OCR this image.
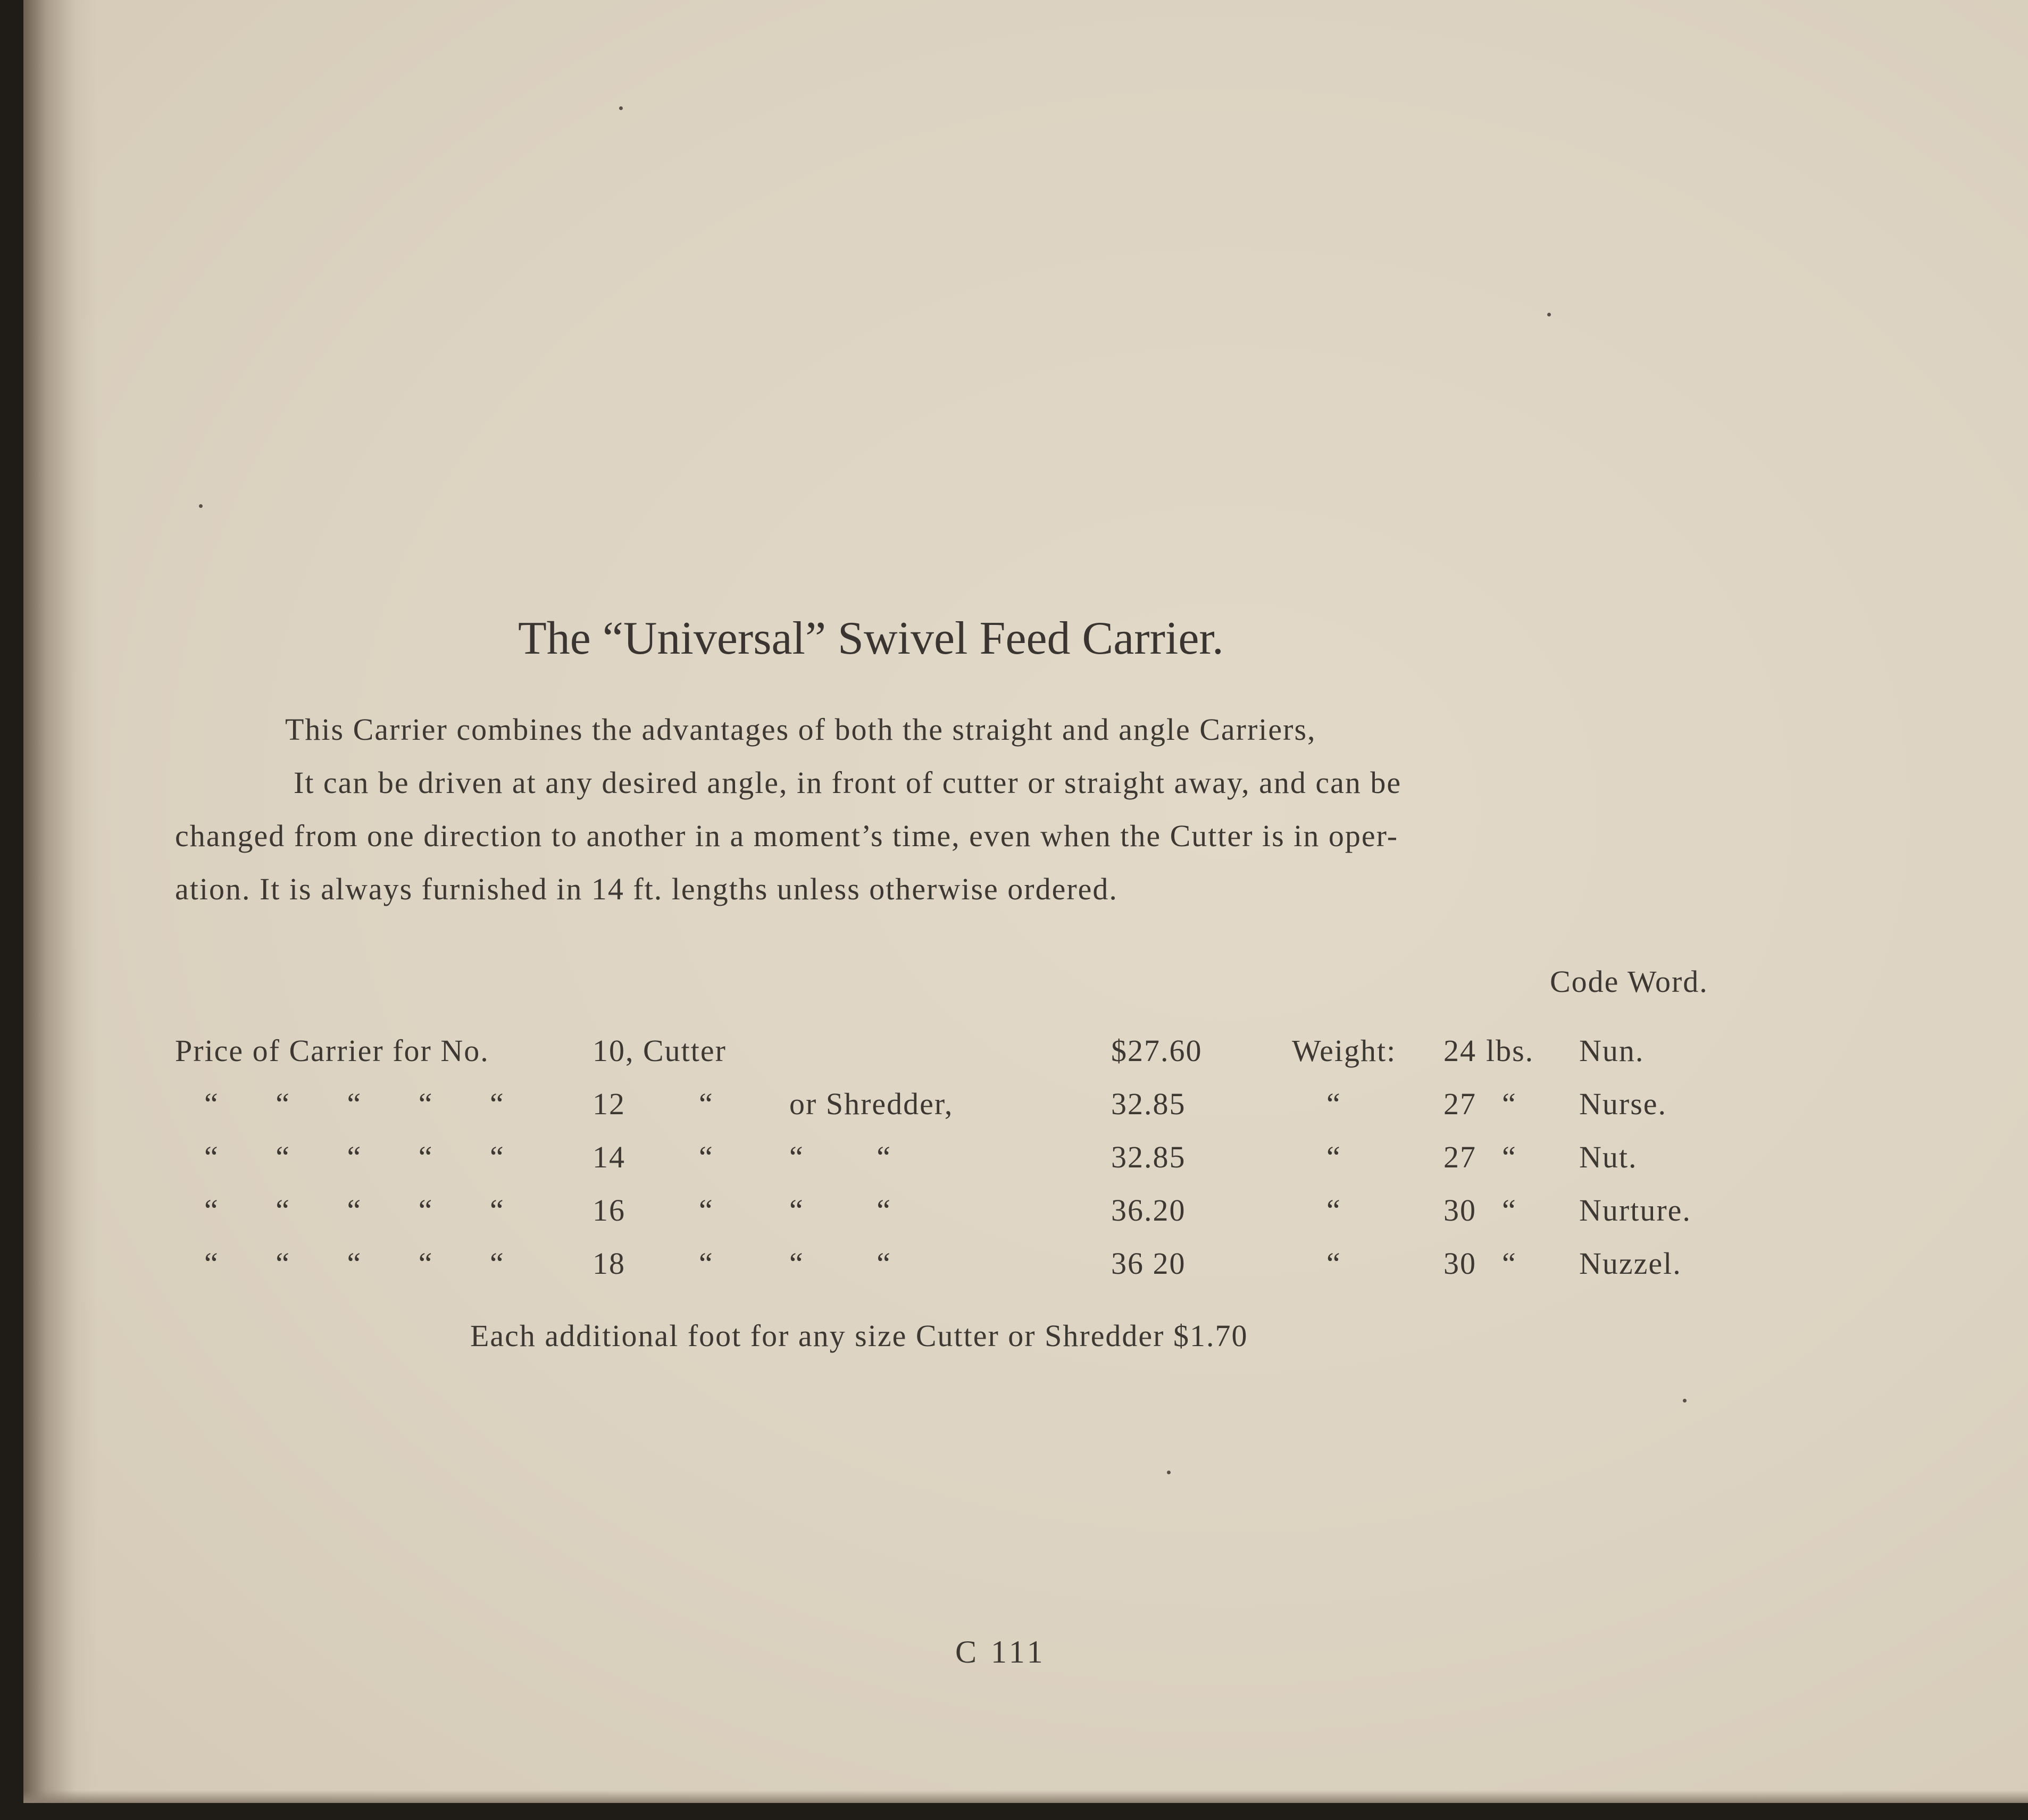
The “Universal” Swivel Feed Carrier.
This Carrier combines the advantages of both the straight and angle Carriers,
It can be driven at any desired angle, in front of cutter or straight away, and can be
changed from one direction to another in a moment’s time, even when the Cutter is in oper-
ation. It is always furnished in 14 ft. lengths unless otherwise ordered.
Code Word.
Price of Carrier for No.	10, Cutter	$27.60	Weight: 24 lbs. Nun.
“ “ “ “ “	12 “ or Shredder,	32.85	“	27 “ Nurse.
“ “ “ “ “	14 “ “ “	32.85	“	27 “ Nut.
“ “ “ “ “	16 “ “ “	36.20	“	30 “ Nurture.
“ “ “ “ “	18 “ “ “	36 20	“	30 “ Nuzzel.
Each additional foot for any size Cutter or Shredder $1.70
C 111
